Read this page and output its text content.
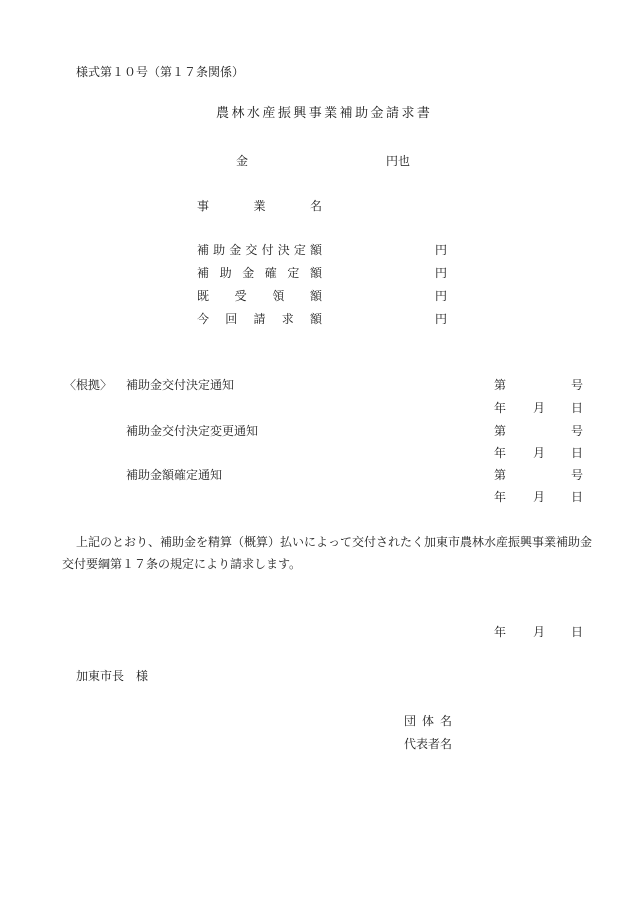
様式第１０号（第１７条関係）
農 林 水 産 振 興 事 業 補 助 金 請 求 書
金	円也
事	業	名
補 助 金 交 付 決 定 額	円
補 助 金 確 定 額	円
既 受 領 額	円
今 回 請 求 額	円
〈根拠〉 補助金交付決定通知	第	号
年 月 日
補助金交付決定変更通知	第	号
年 月 日
補助金額確定通知	第	号
年 月 日
上記のとおり、補助金を精算（概算）払いによって交付されたく加東市農林水産振興事業補助金交付要綱第１７条の規定により請求します。
年 月 日
加東市長　様
団 体 名
代表者名
